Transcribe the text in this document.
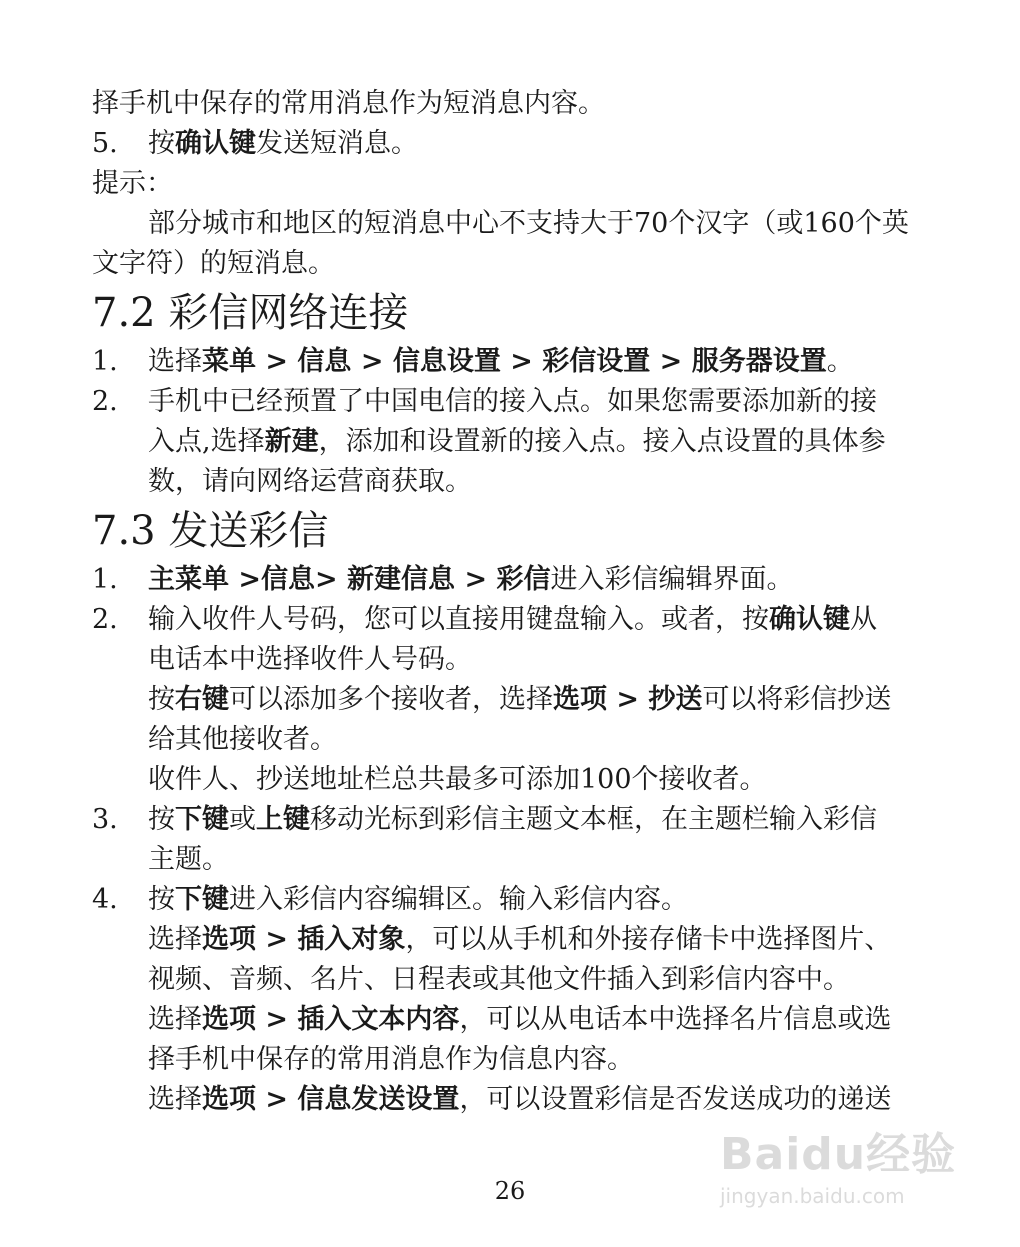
择手机中保存的常用消息作为短消息内容。
5.	按确认键发送短消息。
提示：
部分城市和地区的短消息中心不支持大于70个汉字（或160个英
文字符）的短消息。
7.2 彩信网络连接
1.	选择菜单 > 信息 > 信息设置 > 彩信设置 > 服务器设置。
2.	手机中已经预置了中国电信的接入点。如果您需要添加新的接
入点,选择新建，添加和设置新的接入点。接入点设置的具体参
数，请向网络运营商获取。
7.3 发送彩信
1.	主菜单 >信息> 新建信息 > 彩信进入彩信编辑界面。
2.	输入收件人号码，您可以直接用键盘输入。或者，按确认键从
电话本中选择收件人号码。
按右键可以添加多个接收者，选择选项 > 抄送可以将彩信抄送
给其他接收者。
收件人、抄送地址栏总共最多可添加100个接收者。
3.	按下键或上键移动光标到彩信主题文本框，在主题栏输入彩信
主题。
4.	按下键进入彩信内容编辑区。输入彩信内容。
选择选项 > 插入对象，可以从手机和外接存储卡中选择图片、
视频、音频、名片、日程表或其他文件插入到彩信内容中。
选择选项 > 插入文本内容，可以从电话本中选择名片信息或选
择手机中保存的常用消息作为信息内容。
选择选项 > 信息发送设置，可以设置彩信是否发送成功的递送
Baidu经验
jingyan.baidu.com
26
